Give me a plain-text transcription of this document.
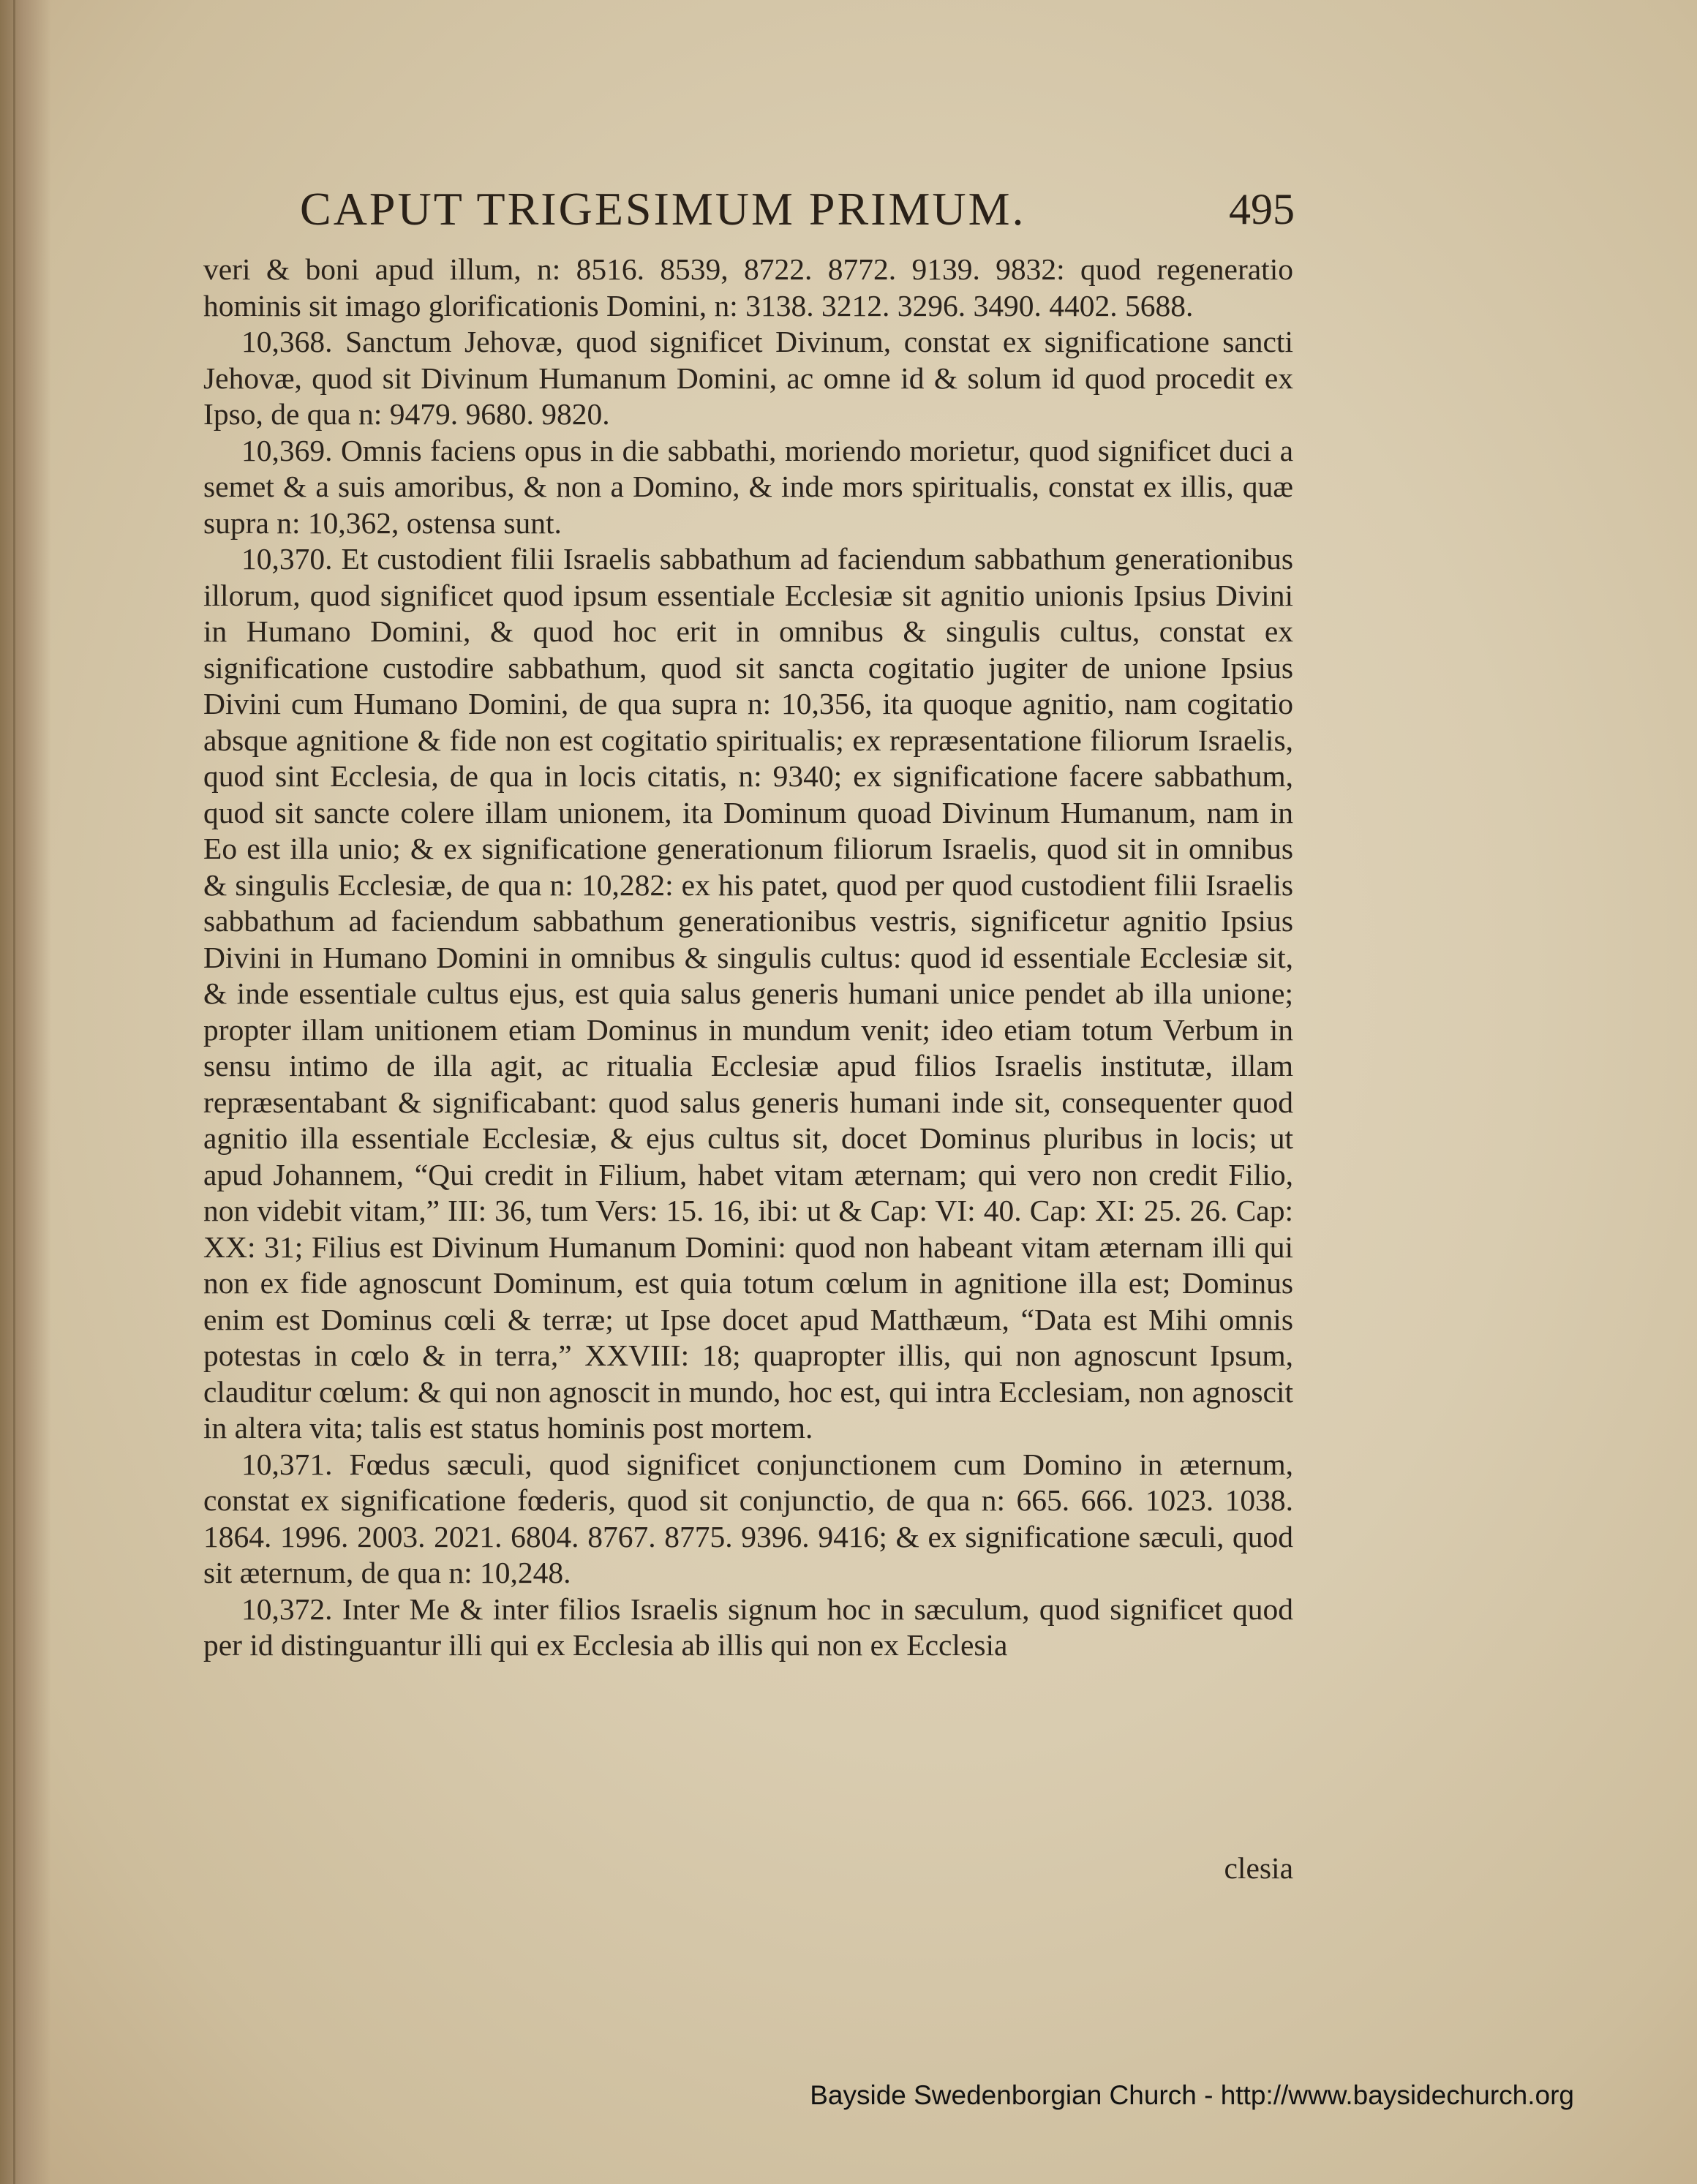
CAPUT TRIGESIMUM PRIMUM.	495

veri & boni apud illum, n: 8516. 8539, 8722. 8772. 9139. 9832: quod regeneratio hominis sit imago glorificationis Domini, n: 3138. 3212. 3296. 3490. 4402. 5688.

10,368. Sanctum Jehovæ, quod significet Divinum, constat ex significatione sancti Jehovæ, quod sit Divinum Humanum Domini, ac omne id & solum id quod procedit ex Ipso, de qua n: 9479. 9680. 9820.

10,369. Omnis faciens opus in die sabbathi, moriendo morietur, quod significet duci a semet & a suis amoribus, & non a Domino, & inde mors spiritualis, constat ex illis, quæ supra n: 10,362, ostensa sunt.

10,370. Et custodient filii Israelis sabbathum ad faciendum sabbathum generationibus illorum, quod significet quod ipsum essentiale Ecclesiæ sit agnitio unionis Ipsius Divini in Humano Domini, & quod hoc erit in omnibus & singulis cultus, constat ex significatione custodire sabbathum, quod sit sancta cogitatio jugiter de unione Ipsius Divini cum Humano Domini, de qua supra n: 10,356, ita quoque agnitio, nam cogitatio absque agnitione & fide non est cogitatio spiritualis; ex repræsentatione filiorum Israelis, quod sint Ecclesia, de qua in locis citatis, n: 9340; ex significatione facere sabbathum, quod sit sancte colere illam unionem, ita Dominum quoad Divinum Humanum, nam in Eo est illa unio; & ex significatione generationum filiorum Israelis, quod sit in omnibus & singulis Ecclesiæ, de qua n: 10,282: ex his patet, quod per quod custodient filii Israelis sabbathum ad faciendum sabbathum generationibus vestris, significetur agnitio Ipsius Divini in Humano Domini in omnibus & singulis cultus: quod id essentiale Ecclesiæ sit, & inde essentiale cultus ejus, est quia salus generis humani unice pendet ab illa unione; propter illam unitionem etiam Dominus in mundum venit; ideo etiam totum Verbum in sensu intimo de illa agit, ac ritualia Ecclesiæ apud filios Israelis institutæ, illam repræsentabant & significabant: quod salus generis humani inde sit, consequenter quod agnitio illa essentiale Ecclesiæ, & ejus cultus sit, docet Dominus pluribus in locis; ut apud Johannem, “Qui credit in Filium, habet vitam æternam; qui vero non credit Filio, non videbit vitam,” III: 36, tum Vers: 15. 16, ibi: ut & Cap: VI: 40. Cap: XI: 25. 26. Cap: XX: 31; Filius est Divinum Humanum Domini: quod non habeant vitam æternam illi qui non ex fide agnoscunt Dominum, est quia totum cœlum in agnitione illa est; Dominus enim est Dominus cœli & terræ; ut Ipse docet apud Matthæum, “Data est Mihi omnis potestas in cœlo & in terra,” XXVIII: 18; quapropter illis, qui non agnoscunt Ipsum, clauditur cœlum: & qui non agnoscit in mundo, hoc est, qui intra Ecclesiam, non agnoscit in altera vita; talis est status hominis post mortem.

10,371. Fœdus sæculi, quod significet conjunctionem cum Domino in æternum, constat ex significatione fœderis, quod sit conjunctio, de qua n: 665. 666. 1023. 1038. 1864. 1996. 2003. 2021. 6804. 8767. 8775. 9396. 9416; & ex significatione sæculi, quod sit æternum, de qua n: 10,248.

10,372. Inter Me & inter filios Israelis signum hoc in sæculum, quod significet quod per id distinguantur illi qui ex Ecclesia ab illis qui non ex Ecclesia

clesia
Bayside Swedenborgian Church - http://www.baysidechurch.org
